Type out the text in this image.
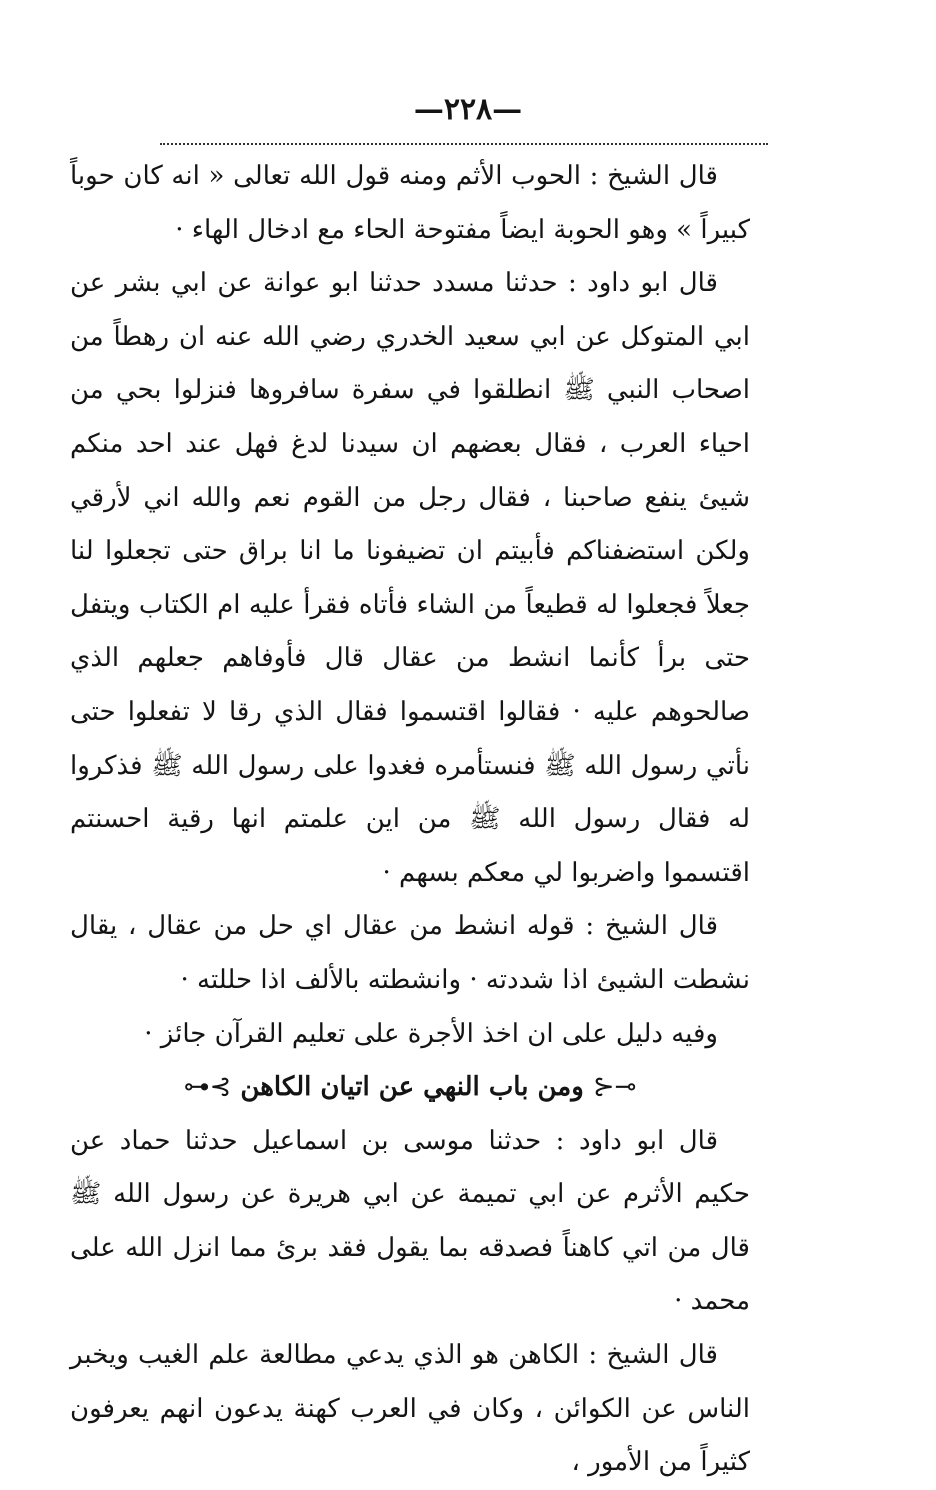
—٢٢٨—

قال الشيخ : الحوب الأثم ومنه قول الله تعالى « انه كان حوباً كبيراً » وهو الحوبة ايضاً مفتوحة الحاء مع ادخال الهاء ·

قال ابو داود : حدثنا مسدد حدثنا ابو عوانة عن ابي بشر عن ابي المتوكل عن ابي سعيد الخدري رضي الله عنه ان رهطاً من اصحاب النبي ﷺ انطلقوا في سفرة سافروها فنزلوا بحي من احياء العرب ، فقال بعضهم ان سيدنا لدغ فهل عند احد منكم شيئ ينفع صاحبنا ، فقال رجل من القوم نعم والله اني لأرقي ولكن استضفناكم فأبيتم ان تضيفونا ما انا براق حتى تجعلوا لنا جعلاً فجعلوا له قطيعاً من الشاء فأتاه فقرأ عليه ام الكتاب ويتفل حتى برأ كأنما انشط من عقال قال فأوفاهم جعلهم الذي صالحوهم عليه · فقالوا اقتسموا فقال الذي رقا لا تفعلوا حتى نأتي رسول الله ﷺ فنستأمره فغدوا على رسول الله ﷺ فذكروا له فقال رسول الله ﷺ من اين علمتم انها رقية احسنتم اقتسموا واضربوا لي معكم بسهم ·

قال الشيخ : قوله انشط من عقال اي حل من عقال ، يقال نشطت الشيئ اذا شددته · وانشطته بالألف اذا حللته ·

وفيه دليل على ان اخذ الأجرة على تعليم القرآن جائز ·

⊸⊰ ومن باب النهي عن اتيان الكاهن ⊱⊷

قال ابو داود : حدثنا موسى بن اسماعيل حدثنا حماد عن حكيم الأثرم عن ابي تميمة عن ابي هريرة عن رسول الله ﷺ قال من اتي كاهناً فصدقه بما يقول فقد برئ مما انزل الله على محمد ·

قال الشيخ : الكاهن هو الذي يدعي مطالعة علم الغيب ويخبر الناس عن الكوائن ، وكان في العرب كهنة يدعون انهم يعرفون كثيراً من الأمور ،
